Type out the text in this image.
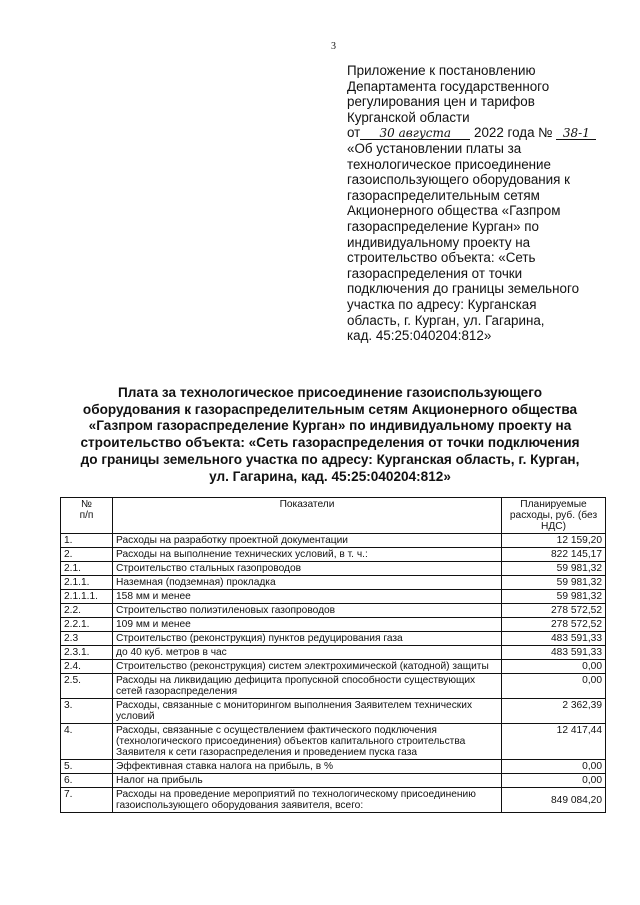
3
Приложение к постановлению
Департамента государственного
регулирования цен и тарифов
Курганской области
от 30 августа 2022 года № 38-1
«Об установлении платы за
технологическое присоединение
газоиспользующего оборудования к
газораспределительным сетям
Акционерного общества «Газпром
газораспределение Курган» по
индивидуальному проекту на
строительство объекта: «Сеть
газораспределения от точки
подключения до границы земельного
участка по адресу: Курганская
область, г. Курган, ул. Гагарина,
кад. 45:25:040204:812»
Плата за технологическое присоединение газоиспользующего
оборудования к газораспределительным сетям Акционерного общества
«Газпром газораспределение Курган» по индивидуальному проекту на
строительство объекта: «Сеть газораспределения от точки подключения
до границы земельного участка по адресу: Курганская область, г. Курган,
ул. Гагарина, кад. 45:25:040204:812»
№
п/п	Показатели	Планируемые
расходы, руб. (без
НДС)
1.	Расходы на разработку проектной документации	12 159,20
2.	Расходы на выполнение технических условий, в т. ч.:	822 145,17
2.1.	Строительство стальных газопроводов	59 981,32
2.1.1.	Наземная (подземная) прокладка	59 981,32
2.1.1.1.	158 мм и менее	59 981,32
2.2.	Строительство полиэтиленовых газопроводов	278 572,52
2.2.1.	109 мм и менее	278 572,52
2.3	Строительство (реконструкция) пунктов редуцирования газа	483 591,33
2.3.1.	до 40 куб. метров в час	483 591,33
2.4.	Строительство (реконструкция) систем электрохимической (катодной) защиты	0,00
2.5.	Расходы на ликвидацию дефицита пропускной способности существующих сетей газораспределения	0,00
3.	Расходы, связанные с мониторингом выполнения Заявителем технических условий	2 362,39
4.	Расходы, связанные с осуществлением фактического подключения (технологического присоединения) объектов капитального строительства Заявителя к сети газораспределения и проведением пуска газа	12 417,44
5.	Эффективная ставка налога на прибыль, в %	0,00
6.	Налог на прибыль	0,00
7.	Расходы на проведение мероприятий по технологическому присоединению газоиспользующего оборудования заявителя, всего:	849 084,20
